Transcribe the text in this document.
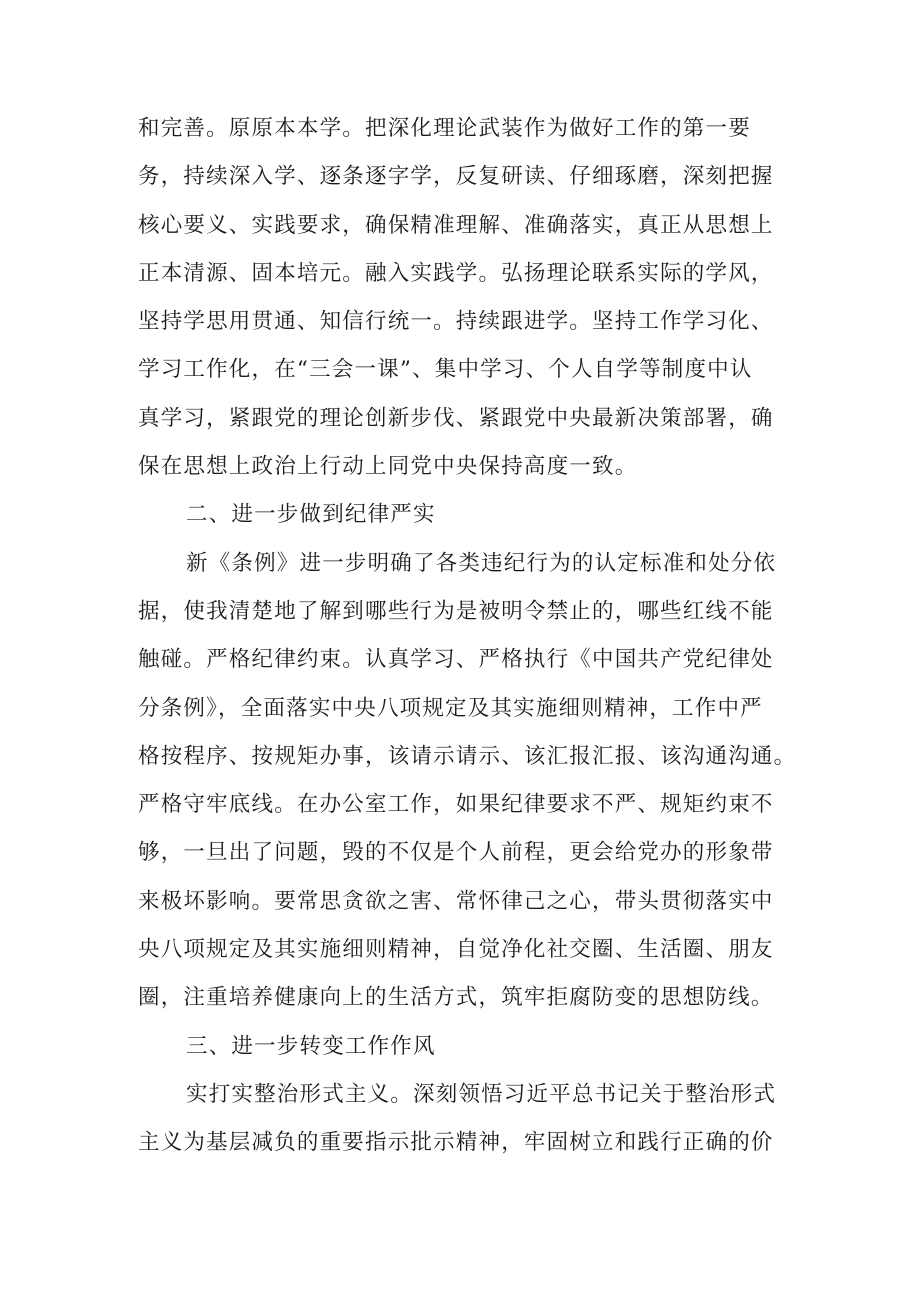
和完善。原原本本学。把深化理论武装作为做好工作的第一要

务，持续深入学、逐条逐字学，反复研读、仔细琢磨，深刻把握

核心要义、实践要求，确保精准理解、准确落实，真正从思想上

正本清源、固本培元。融入实践学。弘扬理论联系实际的学风，

坚持学思用贯通、知信行统一。持续跟进学。坚持工作学习化、

学习工作化，在“三会一课”、集中学习、个人自学等制度中认

真学习，紧跟党的理论创新步伐、紧跟党中央最新决策部署，确

保在思想上政治上行动上同党中央保持高度一致。

二、进一步做到纪律严实

新《条例》进一步明确了各类违纪行为的认定标准和处分依

据，使我清楚地了解到哪些行为是被明令禁止的，哪些红线不能

触碰。严格纪律约束。认真学习、严格执行《中国共产党纪律处

分条例》，全面落实中央八项规定及其实施细则精神，工作中严

格按程序、按规矩办事，该请示请示、该汇报汇报、该沟通沟通。

严格守牢底线。在办公室工作，如果纪律要求不严、规矩约束不

够，一旦出了问题，毁的不仅是个人前程，更会给党办的形象带

来极坏影响。要常思贪欲之害、常怀律己之心，带头贯彻落实中

央八项规定及其实施细则精神，自觉净化社交圈、生活圈、朋友

圈，注重培养健康向上的生活方式，筑牢拒腐防变的思想防线。

三、进一步转变工作作风

实打实整治形式主义。深刻领悟习近平总书记关于整治形式

主义为基层减负的重要指示批示精神，牢固树立和践行正确的价
